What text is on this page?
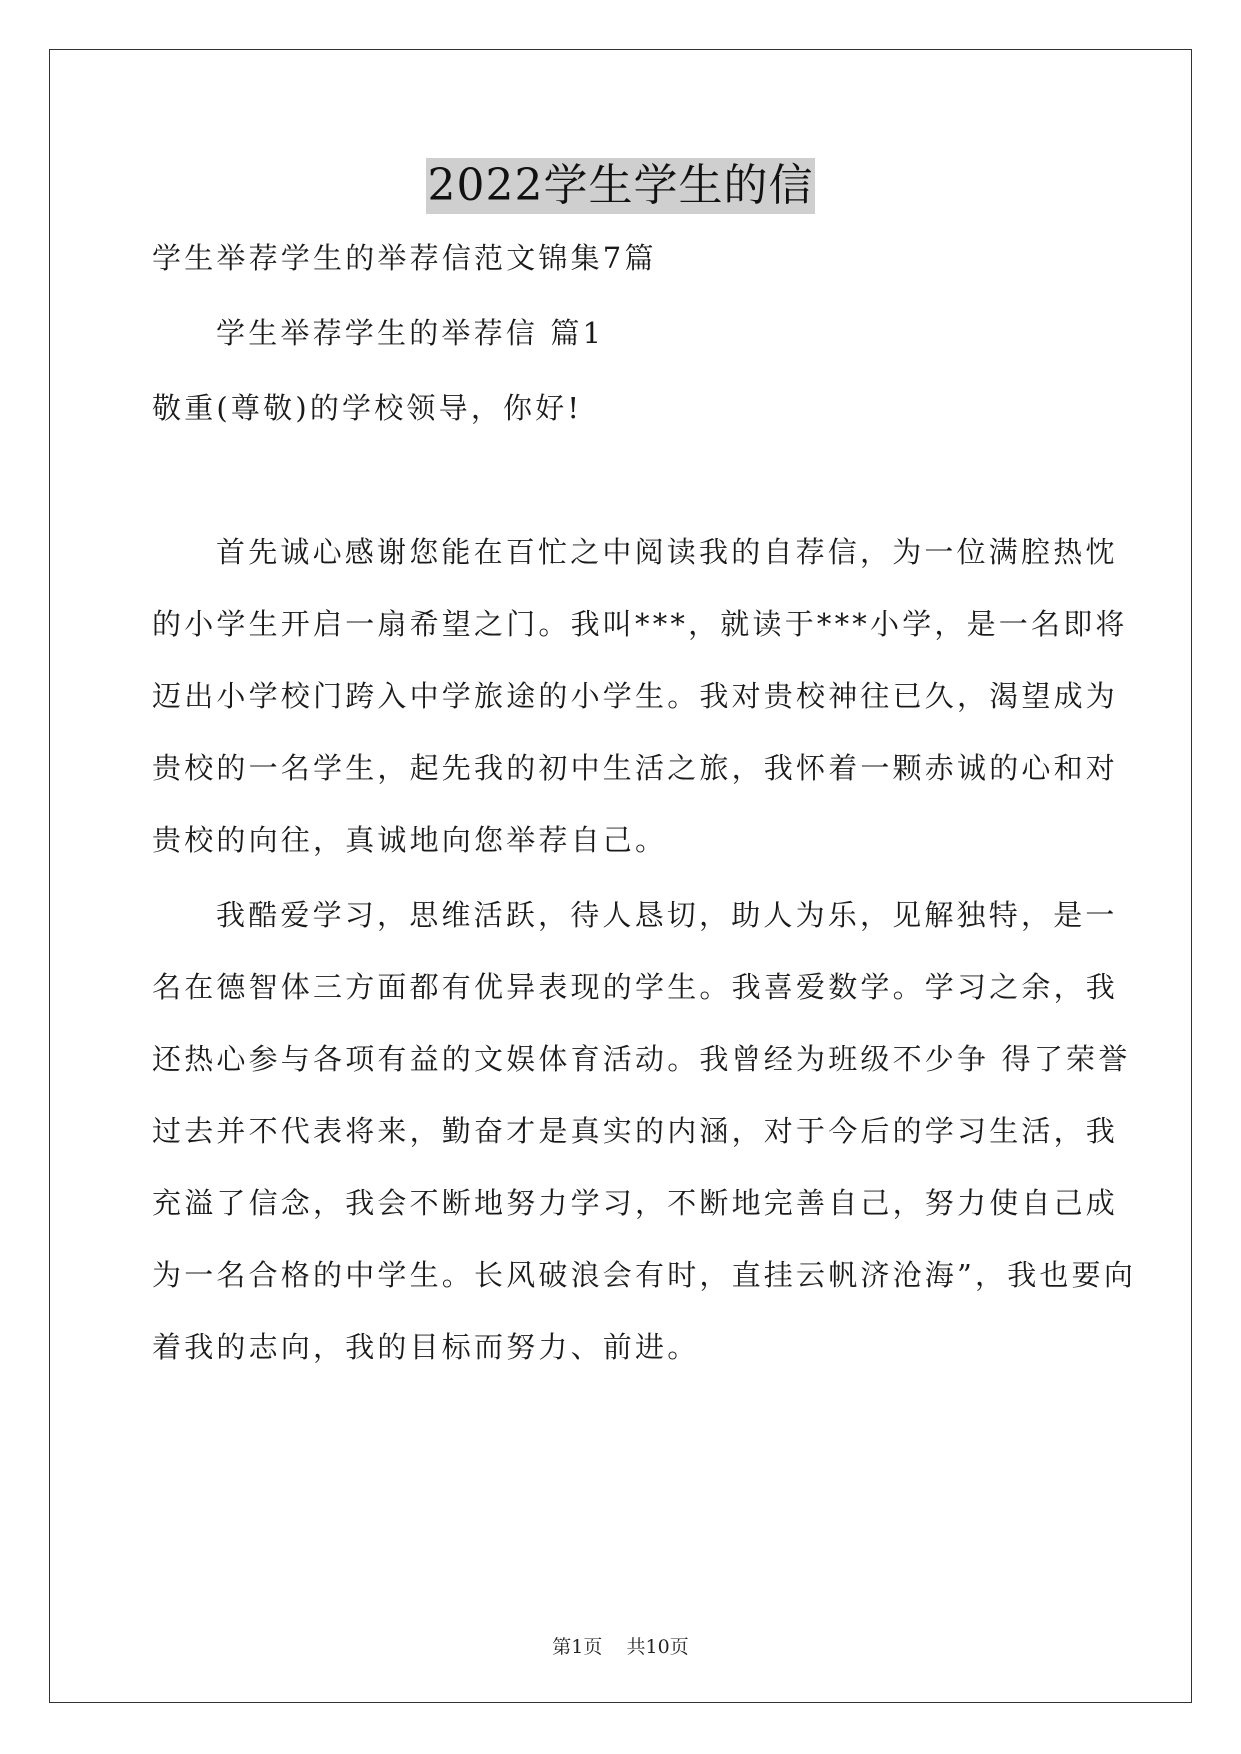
2022学生学生的信
学生举荐学生的举荐信范文锦集7篇
学生举荐学生的举荐信 篇1
敬重(尊敬)的学校领导，你好!
首先诚心感谢您能在百忙之中阅读我的自荐信，为一位满腔热忱
的小学生开启一扇希望之门。我叫***，就读于***小学，是一名即将
迈出小学校门跨入中学旅途的小学生。我对贵校神往已久，渴望成为
贵校的一名学生，起先我的初中生活之旅，我怀着一颗赤诚的心和对
贵校的向往，真诚地向您举荐自己。
我酷爱学习，思维活跃，待人恳切，助人为乐，见解独特，是一
名在德智体三方面都有优异表现的学生。我喜爱数学。学习之余，我
还热心参与各项有益的文娱体育活动。我曾经为班级不少争 得了荣誉
过去并不代表将来，勤奋才是真实的内涵，对于今后的学习生活，我
充溢了信念，我会不断地努力学习，不断地完善自己，努力使自己成
为一名合格的中学生。长风破浪会有时，直挂云帆济沧海”，我也要向
着我的志向，我的目标而努力、前进。
第1页    共10页
